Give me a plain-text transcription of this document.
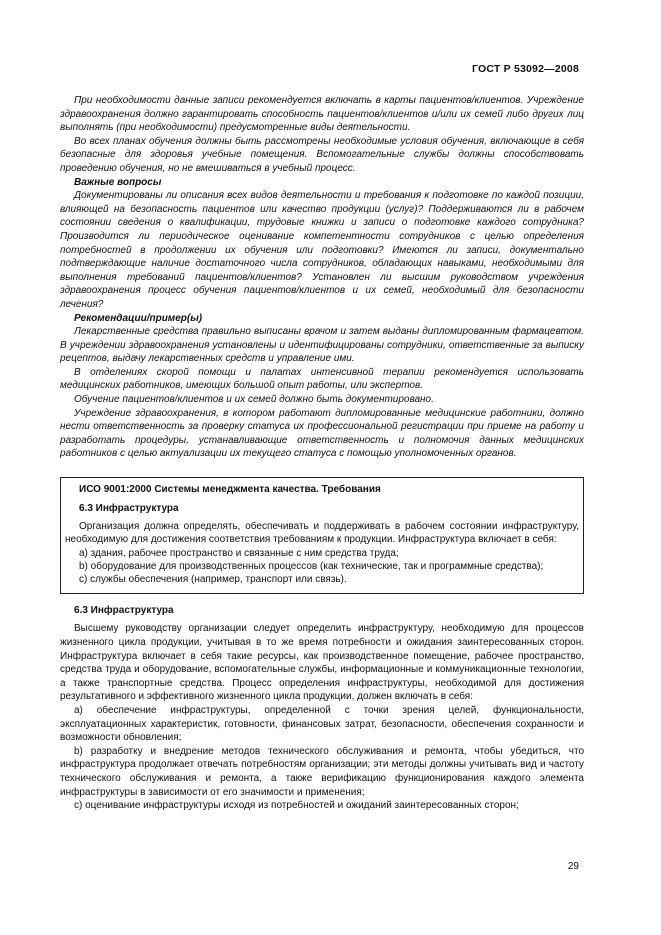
ГОСТ Р 53092—2008

При необходимости данные записи рекомендуется включать в карты пациентов/клиентов. Учреждение здравоохранения должно гарантировать способность пациентов/клиентов и/или их семей либо других лиц выполнять (при необходимости) предусмотренные виды деятельности.

Во всех планах обучения должны быть рассмотрены необходимые условия обучения, включающие в себя безопасные для здоровья учебные помещения. Вспомогательные службы должны способствовать проведению обучения, но не вмешиваться в учебный процесс.

Важные вопросы

Документированы ли описания всех видов деятельности и требования к подготовке по каждой позиции, влияющей на безопасность пациентов или качество продукции (услуг)? Поддерживаются ли в рабочем состоянии сведения о квалификации, трудовые книжки и записи о подготовке каждого сотрудника? Производится ли периодическое оценивание компетентности сотрудников с целью определения потребностей в продолжении их обучения или подготовки? Имеются ли записи, документально подтверждающие наличие достаточного числа сотрудников, обладающих навыками, необходимыми для выполнения требований пациентов/клиентов? Установлен ли высшим руководством учреждения здравоохранения процесс обучения пациентов/клиентов и их семей, необходимый для безопасности лечения?

Рекомендации/пример(ы)

Лекарственные средства правильно выписаны врачом и затем выданы дипломированным фармацевтом. В учреждении здравоохранения установлены и идентифицированы сотрудники, ответственные за выписку рецептов, выдачу лекарственных средств и управление ими.

В отделениях скорой помощи и палатах интенсивной терапии рекомендуется использовать медицинских работников, имеющих большой опыт работы, или экспертов.

Обучение пациентов/клиентов и их семей должно быть документировано.

Учреждение здравоохранения, в котором работают дипломированные медицинские работники, должно нести ответственность за проверку статуса их профессиональной регистрации при приеме на работу и разработать процедуры, устанавливающие ответственность и полномочия данных медицинских работников с целью актуализации их текущего статуса с помощью уполномоченных органов.

ИСО 9001:2000 Системы менеджмента качества. Требования
6.3 Инфраструктура

Организация должна определять, обеспечивать и поддерживать в рабочем состоянии инфраструктуру, необходимую для достижения соответствия требованиям к продукции. Инфраструктура включает в себя:

а) здания, рабочее пространство и связанные с ним средства труда;

b) оборудование для производственных процессов (как технические, так и программные средства);

с) службы обеспечения (например, транспорт или связь).

6.3 Инфраструктура

Высшему руководству организации следует определить инфраструктуру, необходимую для процессов жизненного цикла продукции, учитывая в то же время потребности и ожидания заинтересованных сторон. Инфраструктура включает в себя такие ресурсы, как производственное помещение, рабочее пространство, средства труда и оборудование, вспомогательные службы, информационные и коммуникационные технологии, а также транспортные средства. Процесс определения инфраструктуры, необходимой для достижения результативного и эффективного жизненного цикла продукции, должен включать в себя:

а) обеспечение инфраструктуры, определенной с точки зрения целей, функциональности, эксплуатационных характеристик, готовности, финансовых затрат, безопасности, обеспечения сохранности и возможности обновления;

b) разработку и внедрение методов технического обслуживания и ремонта, чтобы убедиться, что инфраструктура продолжает отвечать потребностям организации; эти методы должны учитывать вид и частоту технического обслуживания и ремонта, а также верификацию функционирования каждого элемента инфраструктуры в зависимости от его значимости и применения;

с) оценивание инфраструктуры исходя из потребностей и ожиданий заинтересованных сторон;

29
